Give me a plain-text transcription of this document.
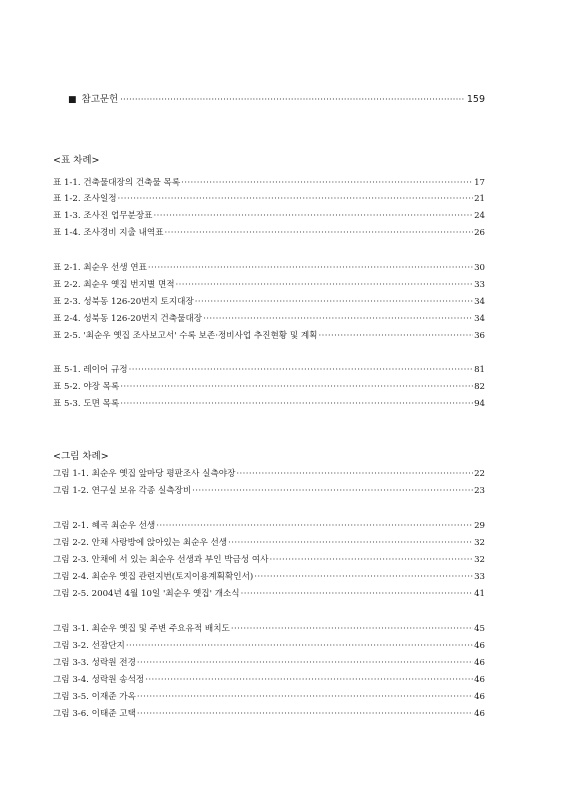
■ 참고문헌 ·····	159
<표 차례>
표 1-1. 건축물대장의 건축물 목록 ·····	17
표 1-2. 조사일정 ·····	21
표 1-3. 조사진 업무분장표 ·····	24
표 1-4. 조사경비 지출 내역표 ·····	26
표 2-1. 최순우 선생 연표 ·····	30
표 2-2. 최순우 옛집 번지별 면적 ·····	33
표 2-3. 성북동 126-20번지 토지대장 ·····	34
표 2-4. 성북동 126-20번지 건축물대장 ·····	34
표 2-5. '최순우 옛집 조사보고서' 수록 보존·정비사업 추진현황 및 계획 ·····	36
표 5-1. 레이어 규정 ·····	81
표 5-2. 야장 목록 ·····	82
표 5-3. 도면 목록 ·····	94
<그림 차례>
그림 1-1. 최순우 옛집 앞마당 평판조사 실측야장 ·····	22
그림 1-2. 연구실 보유 각종 실측장비 ·····	23
그림 2-1. 혜곡 최순우 선생 ·····	29
그림 2-2. 안채 사랑방에 앉아있는 최순우 선생 ·····	32
그림 2-3. 안채에 서 있는 최순우 선생과 부인 박금성 여사 ·····	32
그림 2-4. 최순우 옛집 관련지번(토지이용계획확인서) ·····	33
그림 2-5. 2004년 4월 10일 '최순우 옛집' 개소식 ·····	41
그림 3-1. 최순우 옛집 및 주변 주요유적 배치도 ·····	45
그림 3-2. 선잠단지 ·····	46
그림 3-3. 성락원 전경 ·····	46
그림 3-4. 성락원 송석정 ·····	46
그림 3-5. 이재준 가옥 ·····	46
그림 3-6. 이태준 고택 ·····	46
